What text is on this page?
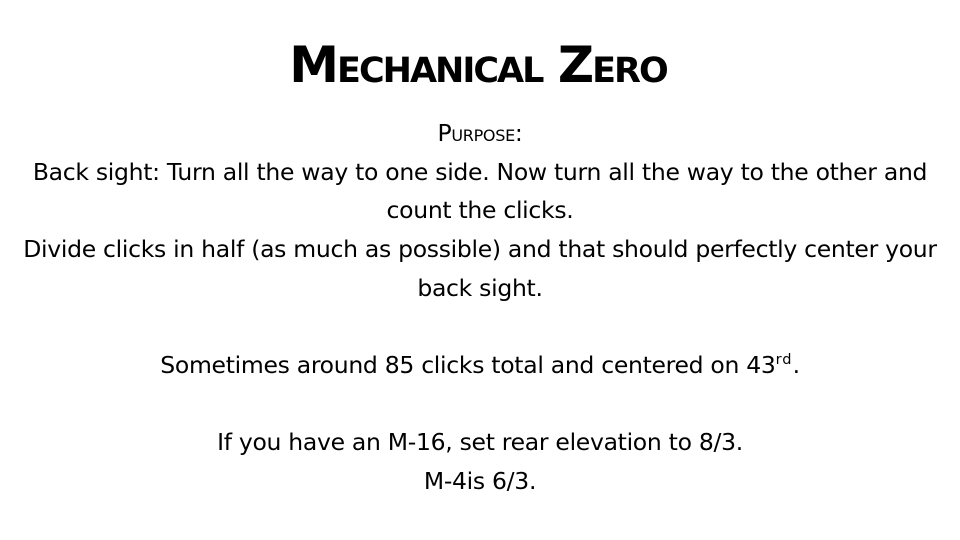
Mechanical Zero

Purpose:

Back sight: Turn all the way to one side. Now turn all the way to the other and count the clicks.

Divide clicks in half (as much as possible) and that should perfectly center your back sight.

Sometimes around 85 clicks total and centered on 43rd.

If you have an M-16, set rear elevation to 8/3.

M-4is 6/3.
